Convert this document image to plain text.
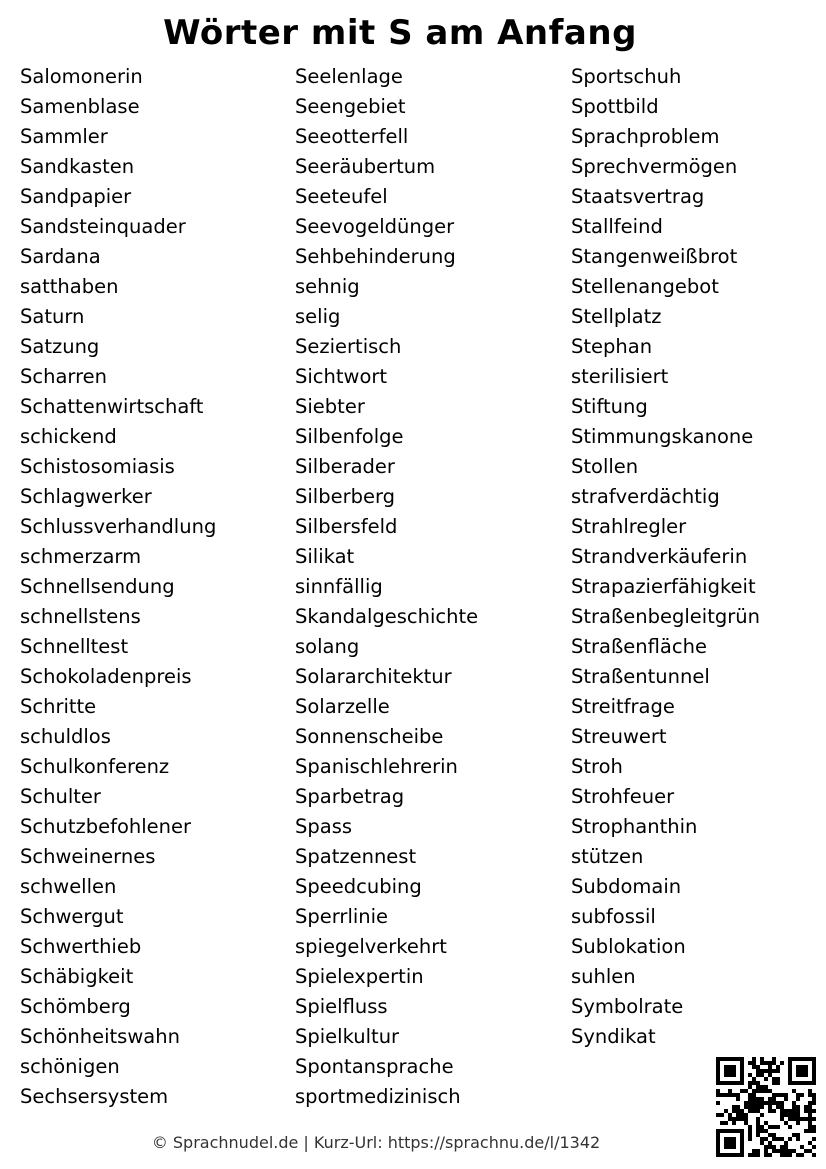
Wörter mit S am Anfang
Salomonerin
Samenblase
Sammler
Sandkasten
Sandpapier
Sandsteinquader
Sardana
satthaben
Saturn
Satzung
Scharren
Schattenwirtschaft
schickend
Schistosomiasis
Schlagwerker
Schlussverhandlung
schmerzarm
Schnellsendung
schnellstens
Schnelltest
Schokoladenpreis
Schritte
schuldlos
Schulkonferenz
Schulter
Schutzbefohlener
Schweinernes
schwellen
Schwergut
Schwerthieb
Schäbigkeit
Schömberg
Schönheitswahn
schönigen
Sechsersystem
Seelenlage
Seengebiet
Seeotterfell
Seeräubertum
Seeteufel
Seevogeldünger
Sehbehinderung
sehnig
selig
Seziertisch
Sichtwort
Siebter
Silbenfolge
Silberader
Silberberg
Silbersfeld
Silikat
sinnfällig
Skandalgeschichte
solang
Solararchitektur
Solarzelle
Sonnenscheibe
Spanischlehrerin
Sparbetrag
Spass
Spatzennest
Speedcubing
Sperrlinie
spiegelverkehrt
Spielexpertin
Spielfluss
Spielkultur
Spontansprache
sportmedizinisch
Sportschuh
Spottbild
Sprachproblem
Sprechvermögen
Staatsvertrag
Stallfeind
Stangenweißbrot
Stellenangebot
Stellplatz
Stephan
sterilisiert
Stiftung
Stimmungskanone
Stollen
strafverdächtig
Strahlregler
Strandverkäuferin
Strapazierfähigkeit
Straßenbegleitgrün
Straßenfläche
Straßentunnel
Streitfrage
Streuwert
Stroh
Strohfeuer
Strophanthin
stützen
Subdomain
subfossil
Sublokation
suhlen
Symbolrate
Syndikat
© Sprachnudel.de | Kurz-Url: https://sprachnu.de/l/1342
